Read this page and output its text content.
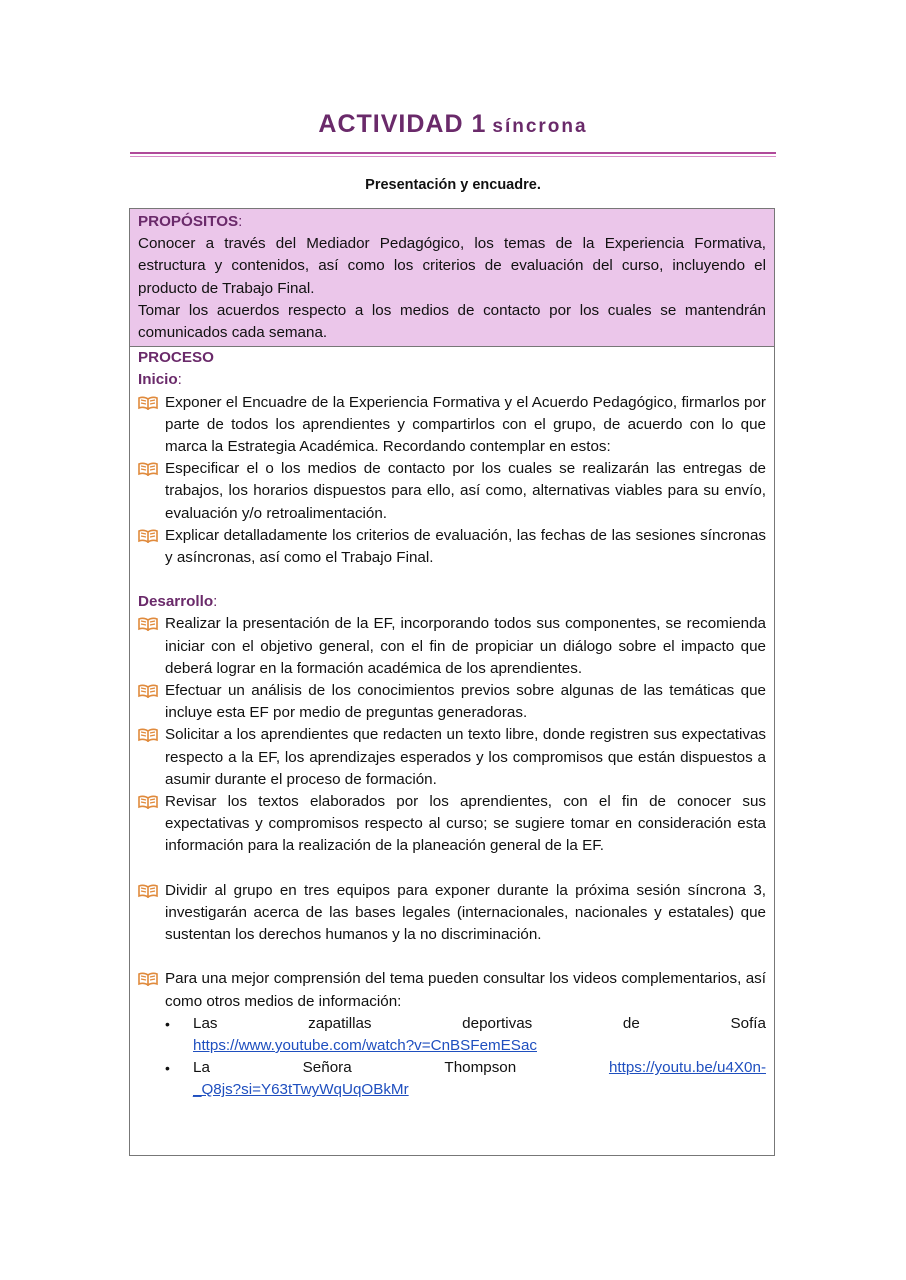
ACTIVIDAD 1 síncrona
Presentación y encuadre.
PROPÓSITOS:
Conocer a través del Mediador Pedagógico, los temas de la Experiencia Formativa, estructura y contenidos, así como los criterios de evaluación del curso, incluyendo el producto de Trabajo Final.
Tomar los acuerdos respecto a los medios de contacto por los cuales se mantendrán comunicados cada semana.
PROCESO
Inicio:
Exponer el Encuadre de la Experiencia Formativa y el Acuerdo Pedagógico, firmarlos por parte de todos los aprendientes y compartirlos con el grupo, de acuerdo con lo que marca la Estrategia Académica. Recordando contemplar en estos:
Especificar el o los medios de contacto por los cuales se realizarán las entregas de trabajos, los horarios dispuestos para ello, así como, alternativas viables para su envío, evaluación y/o retroalimentación.
Explicar detalladamente los criterios de evaluación, las fechas de las sesiones síncronas y asíncronas, así como el Trabajo Final.
Desarrollo:
Realizar la presentación de la EF, incorporando todos sus componentes, se recomienda iniciar con el objetivo general, con el fin de propiciar un diálogo sobre el impacto que deberá lograr en la formación académica de los aprendientes.
Efectuar un análisis de los conocimientos previos sobre algunas de las temáticas que incluye esta EF por medio de preguntas generadoras.
Solicitar a los aprendientes que redacten un texto libre, donde registren sus expectativas respecto a la EF, los aprendizajes esperados y los compromisos que están dispuestos a asumir durante el proceso de formación.
Revisar los textos elaborados por los aprendientes, con el fin de conocer sus expectativas y compromisos respecto al curso; se sugiere tomar en consideración esta información para la realización de la planeación general de la EF.
Dividir al grupo en tres equipos para exponer durante la próxima sesión síncrona 3, investigarán acerca de las bases legales (internacionales, nacionales y estatales) que sustentan los derechos humanos y la no discriminación.
Para una mejor comprensión del tema pueden consultar los videos complementarios, así como otros medios de información:
•	Las	zapatillas	deportivas	de	Sofía
https://www.youtube.com/watch?v=CnBSFemESac
•	La	Señora	Thompson	https://youtu.be/u4X0n-
_Q8js?si=Y63tTwyWqUqOBkMr
